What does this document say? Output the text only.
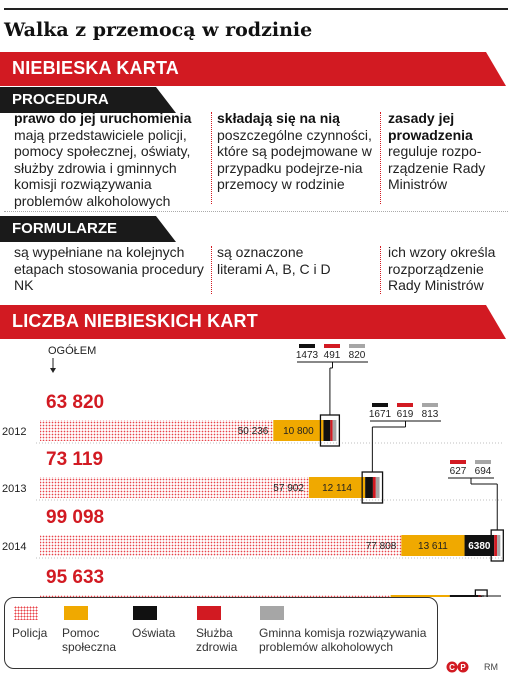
Walka z przemocą w rodzinie
NIEBIESKA KARTA
PROCEDURA
prawo do jej uruchomienia
mają przedstawiciele policji, pomocy społecznej, oświaty, służby zdrowia i gminnych komisji rozwiązywania problemów alkoholowych
składają się na nią
poszczególne czynności, które są podejmowane w przypadku podejrze-nia przemocy w rodzinie
zasady jej prowadzenia
reguluje rozpo-rządzenie Rady Ministrów
FORMULARZE
są wypełniane na kolejnych etapach stosowania procedury NK
są oznaczone literami A, B, C i D
ich wzory określa rozporządzenie Rady Ministrów
LICZBA NIEBIESKICH KART
OGÓŁEM
2012
63 820
50 236 10 800
2013
73 119
57 902 12 114
2014
99 098
77 808 13 611 6380
95 633
1473 491 820
1671 619 813
627 694
Policja Pomoc społeczna
Oświata Służba zdrowia
Gminna komisja rozwiązywania problemów alkoholowych
C P RM
